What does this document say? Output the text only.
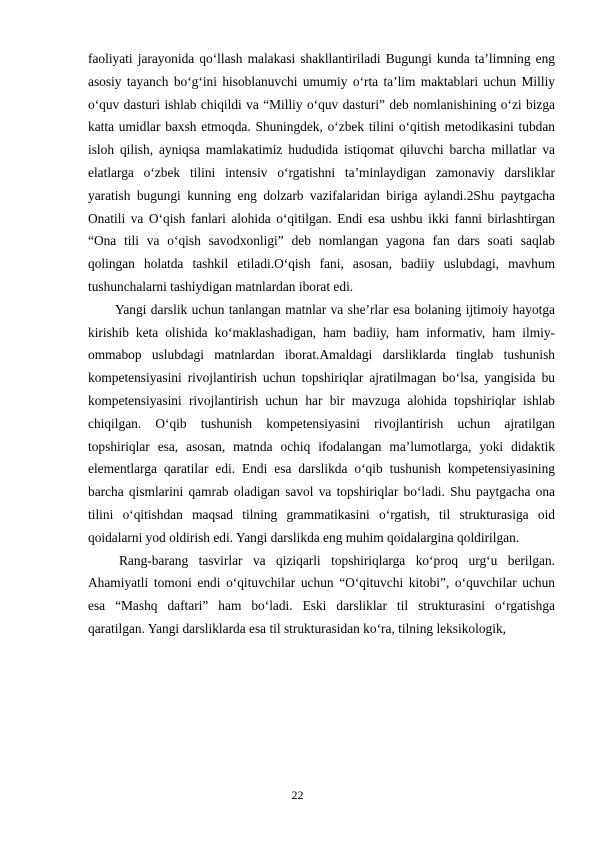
faoliyati jarayonida qo‘llash malakasi shakllantiriladi Bugungi kunda ta’limning eng asosiy tayanch bo‘g‘ini hisoblanuvchi umumiy o‘rta ta’lim maktablari uchun Milliy o‘quv dasturi ishlab chiqildi va “Milliy o‘quv dasturi” deb nomlanishining o‘zi bizga katta umidlar baxsh etmoqda. Shuningdek, o‘zbek tilini o‘qitish metodikasini tubdan isloh qilish, ayniqsa mamlakatimiz hududida istiqomat qiluvchi barcha millatlar va elatlarga o‘zbek tilini intensiv o‘rgatishni ta’minlaydigan zamonaviy darsliklar yaratish bugungi kunning eng dolzarb vazifalaridan biriga aylandi.2Shu paytgacha Onatili va O‘qish fanlari alohida o‘qitilgan. Endi esa ushbu ikki fanni birlashtirgan “Ona tili va o‘qish savodxonligi” deb nomlangan yagona fan dars soati saqlab qolingan holatda tashkil etiladi.O‘qish fani, asosan, badiiy uslubdagi, mavhum tushunchalarni tashiydigan matnlardan iborat edi.

Yangi darslik uchun tanlangan matnlar va she’rlar esa bolaning ijtimoiy hayotga kirishib keta olishida ko‘maklashadigan, ham badiiy, ham informativ, ham ilmiy-ommabop uslubdagi matnlardan iborat.Amaldagi darsliklarda tinglab tushunish kompetensiyasini rivojlantirish uchun topshiriqlar ajratilmagan bo‘lsa, yangisida bu kompetensiyasini rivojlantirish uchun har bir mavzuga alohida topshiriqlar ishlab chiqilgan. O‘qib tushunish kompetensiyasini rivojlantirish uchun ajratilgan topshiriqlar esa, asosan, matnda ochiq ifodalangan ma’lumotlarga, yoki didaktik elementlarga qaratilar edi. Endi esa darslikda o‘qib tushunish kompetensiyasining barcha qismlarini qamrab oladigan savol va topshiriqlar bo‘ladi. Shu paytgacha ona tilini o‘qitishdan maqsad tilning grammatikasini o‘rgatish, til strukturasiga oid qoidalarni yod oldirish edi. Yangi darslikda eng muhim qoidalargina qoldirilgan.

Rang-barang tasvirlar va qiziqarli topshiriqlarga ko‘proq urg‘u berilgan. Ahamiyatli tomoni endi o‘qituvchilar uchun “O‘qituvchi kitobi”, o‘quvchilar uchun esa “Mashq daftari” ham bo‘ladi. Eski darsliklar til strukturasini o‘rgatishga qaratilgan. Yangi darsliklarda esa til strukturasidan ko‘ra, tilning leksikologik,

22
